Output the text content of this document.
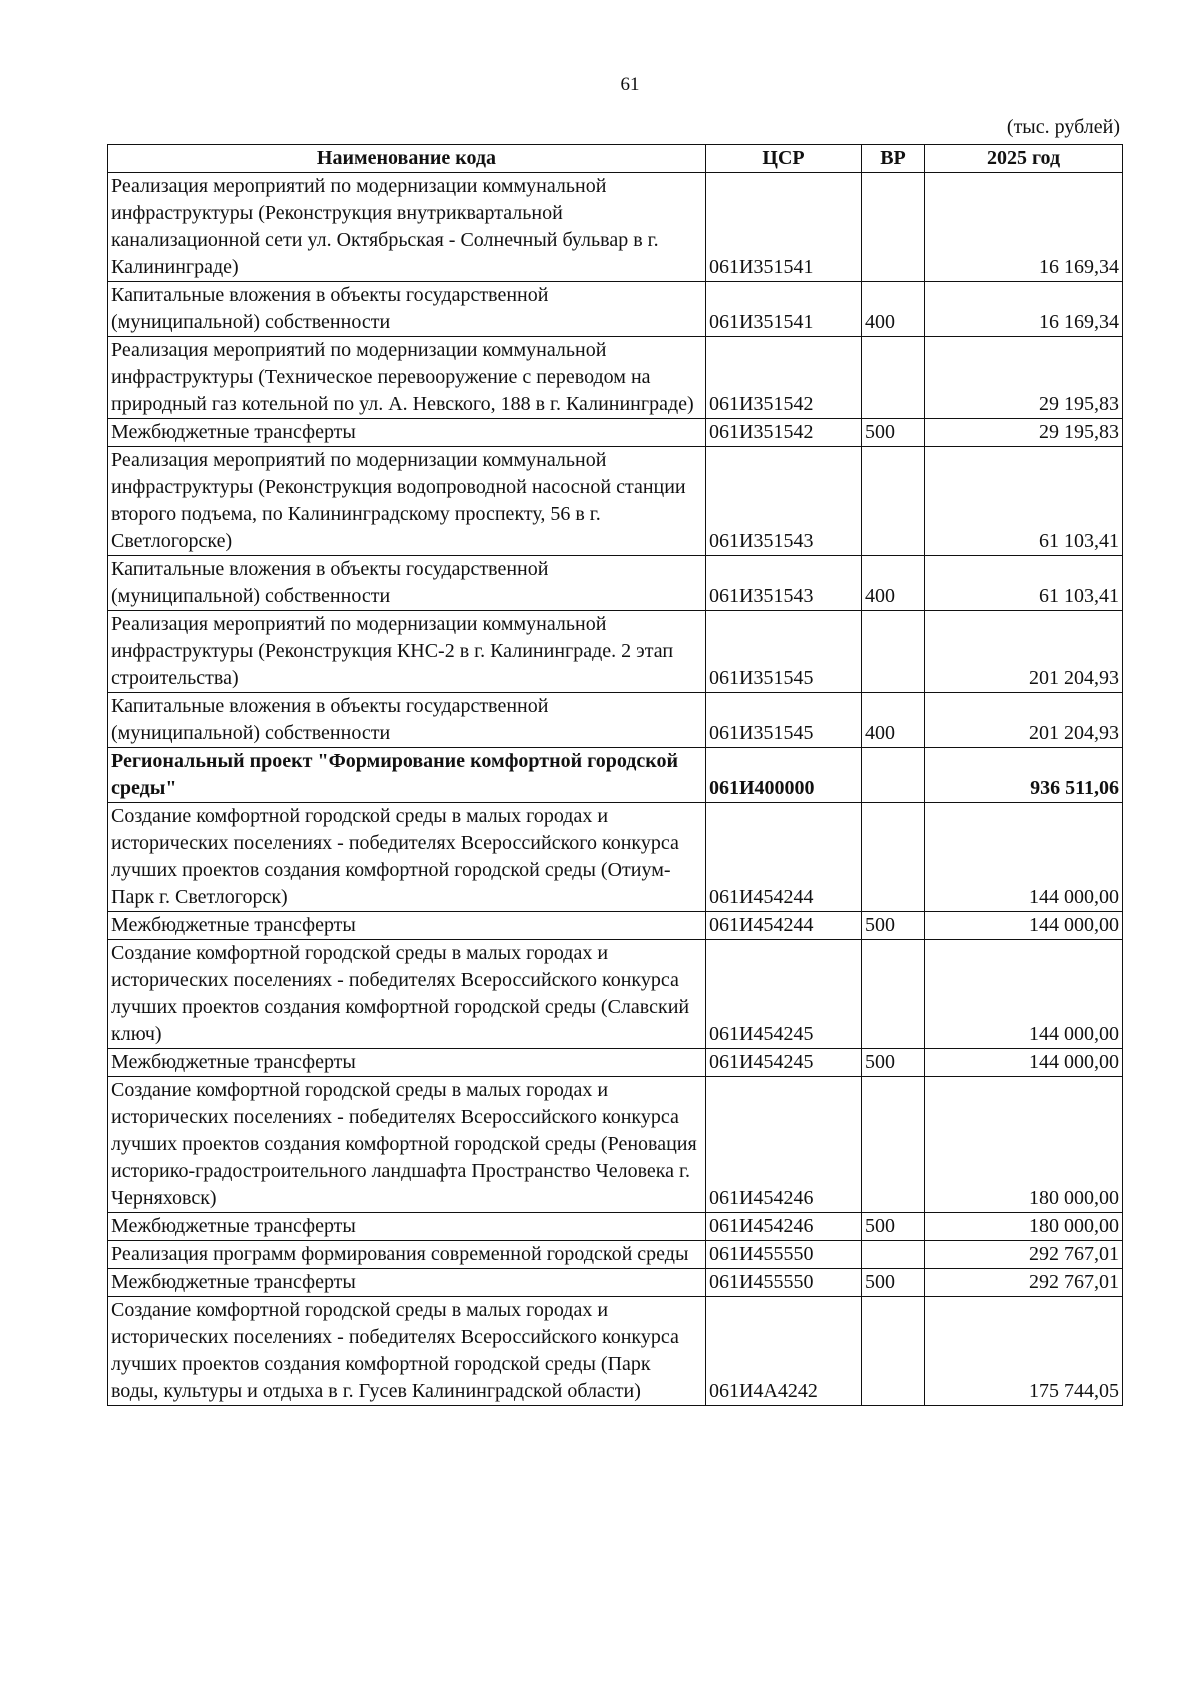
61
(тыс. рублей)
Наименование кода	ЦСР	ВР	2025 год
Реализация мероприятий по модернизации коммунальной инфраструктуры (Реконструкция внутриквартальной канализационной сети ул. Октябрьская - Солнечный бульвар в г. Калининграде)	061И351541		16 169,34
Капитальные вложения в объекты государственной (муниципальной) собственности	061И351541	400	16 169,34
Реализация мероприятий по модернизации коммунальной инфраструктуры (Техническое перевооружение с переводом на природный газ котельной по ул. А. Невского, 188 в г. Калининграде)	061И351542		29 195,83
Межбюджетные трансферты	061И351542	500	29 195,83
Реализация мероприятий по модернизации коммунальной инфраструктуры (Реконструкция водопроводной насосной станции второго подъема, по Калининградскому проспекту, 56 в г. Светлогорске)	061И351543		61 103,41
Капитальные вложения в объекты государственной (муниципальной) собственности	061И351543	400	61 103,41
Реализация мероприятий по модернизации коммунальной инфраструктуры (Реконструкция КНС-2 в г. Калининграде. 2 этап строительства)	061И351545		201 204,93
Капитальные вложения в объекты государственной (муниципальной) собственности	061И351545	400	201 204,93
Региональный проект "Формирование комфортной городской среды"	061И400000		936 511,06
Создание комфортной городской среды в малых городах и исторических поселениях - победителях Всероссийского конкурса лучших проектов создания комфортной городской среды (Отиум-Парк г. Светлогорск)	061И454244		144 000,00
Межбюджетные трансферты	061И454244	500	144 000,00
Создание комфортной городской среды в малых городах и исторических поселениях - победителях Всероссийского конкурса лучших проектов создания комфортной городской среды (Славский ключ)	061И454245		144 000,00
Межбюджетные трансферты	061И454245	500	144 000,00
Создание комфортной городской среды в малых городах и исторических поселениях - победителях Всероссийского конкурса лучших проектов создания комфортной городской среды (Реновация историко-градостроительного ландшафта Пространство Человека г. Черняховск)	061И454246		180 000,00
Межбюджетные трансферты	061И454246	500	180 000,00
Реализация программ формирования современной городской среды	061И455550		292 767,01
Межбюджетные трансферты	061И455550	500	292 767,01
Создание комфортной городской среды в малых городах и исторических поселениях - победителях Всероссийского конкурса лучших проектов создания комфортной городской среды (Парк воды, культуры и отдыха в г. Гусев Калининградской области)	061И4А4242		175 744,05
